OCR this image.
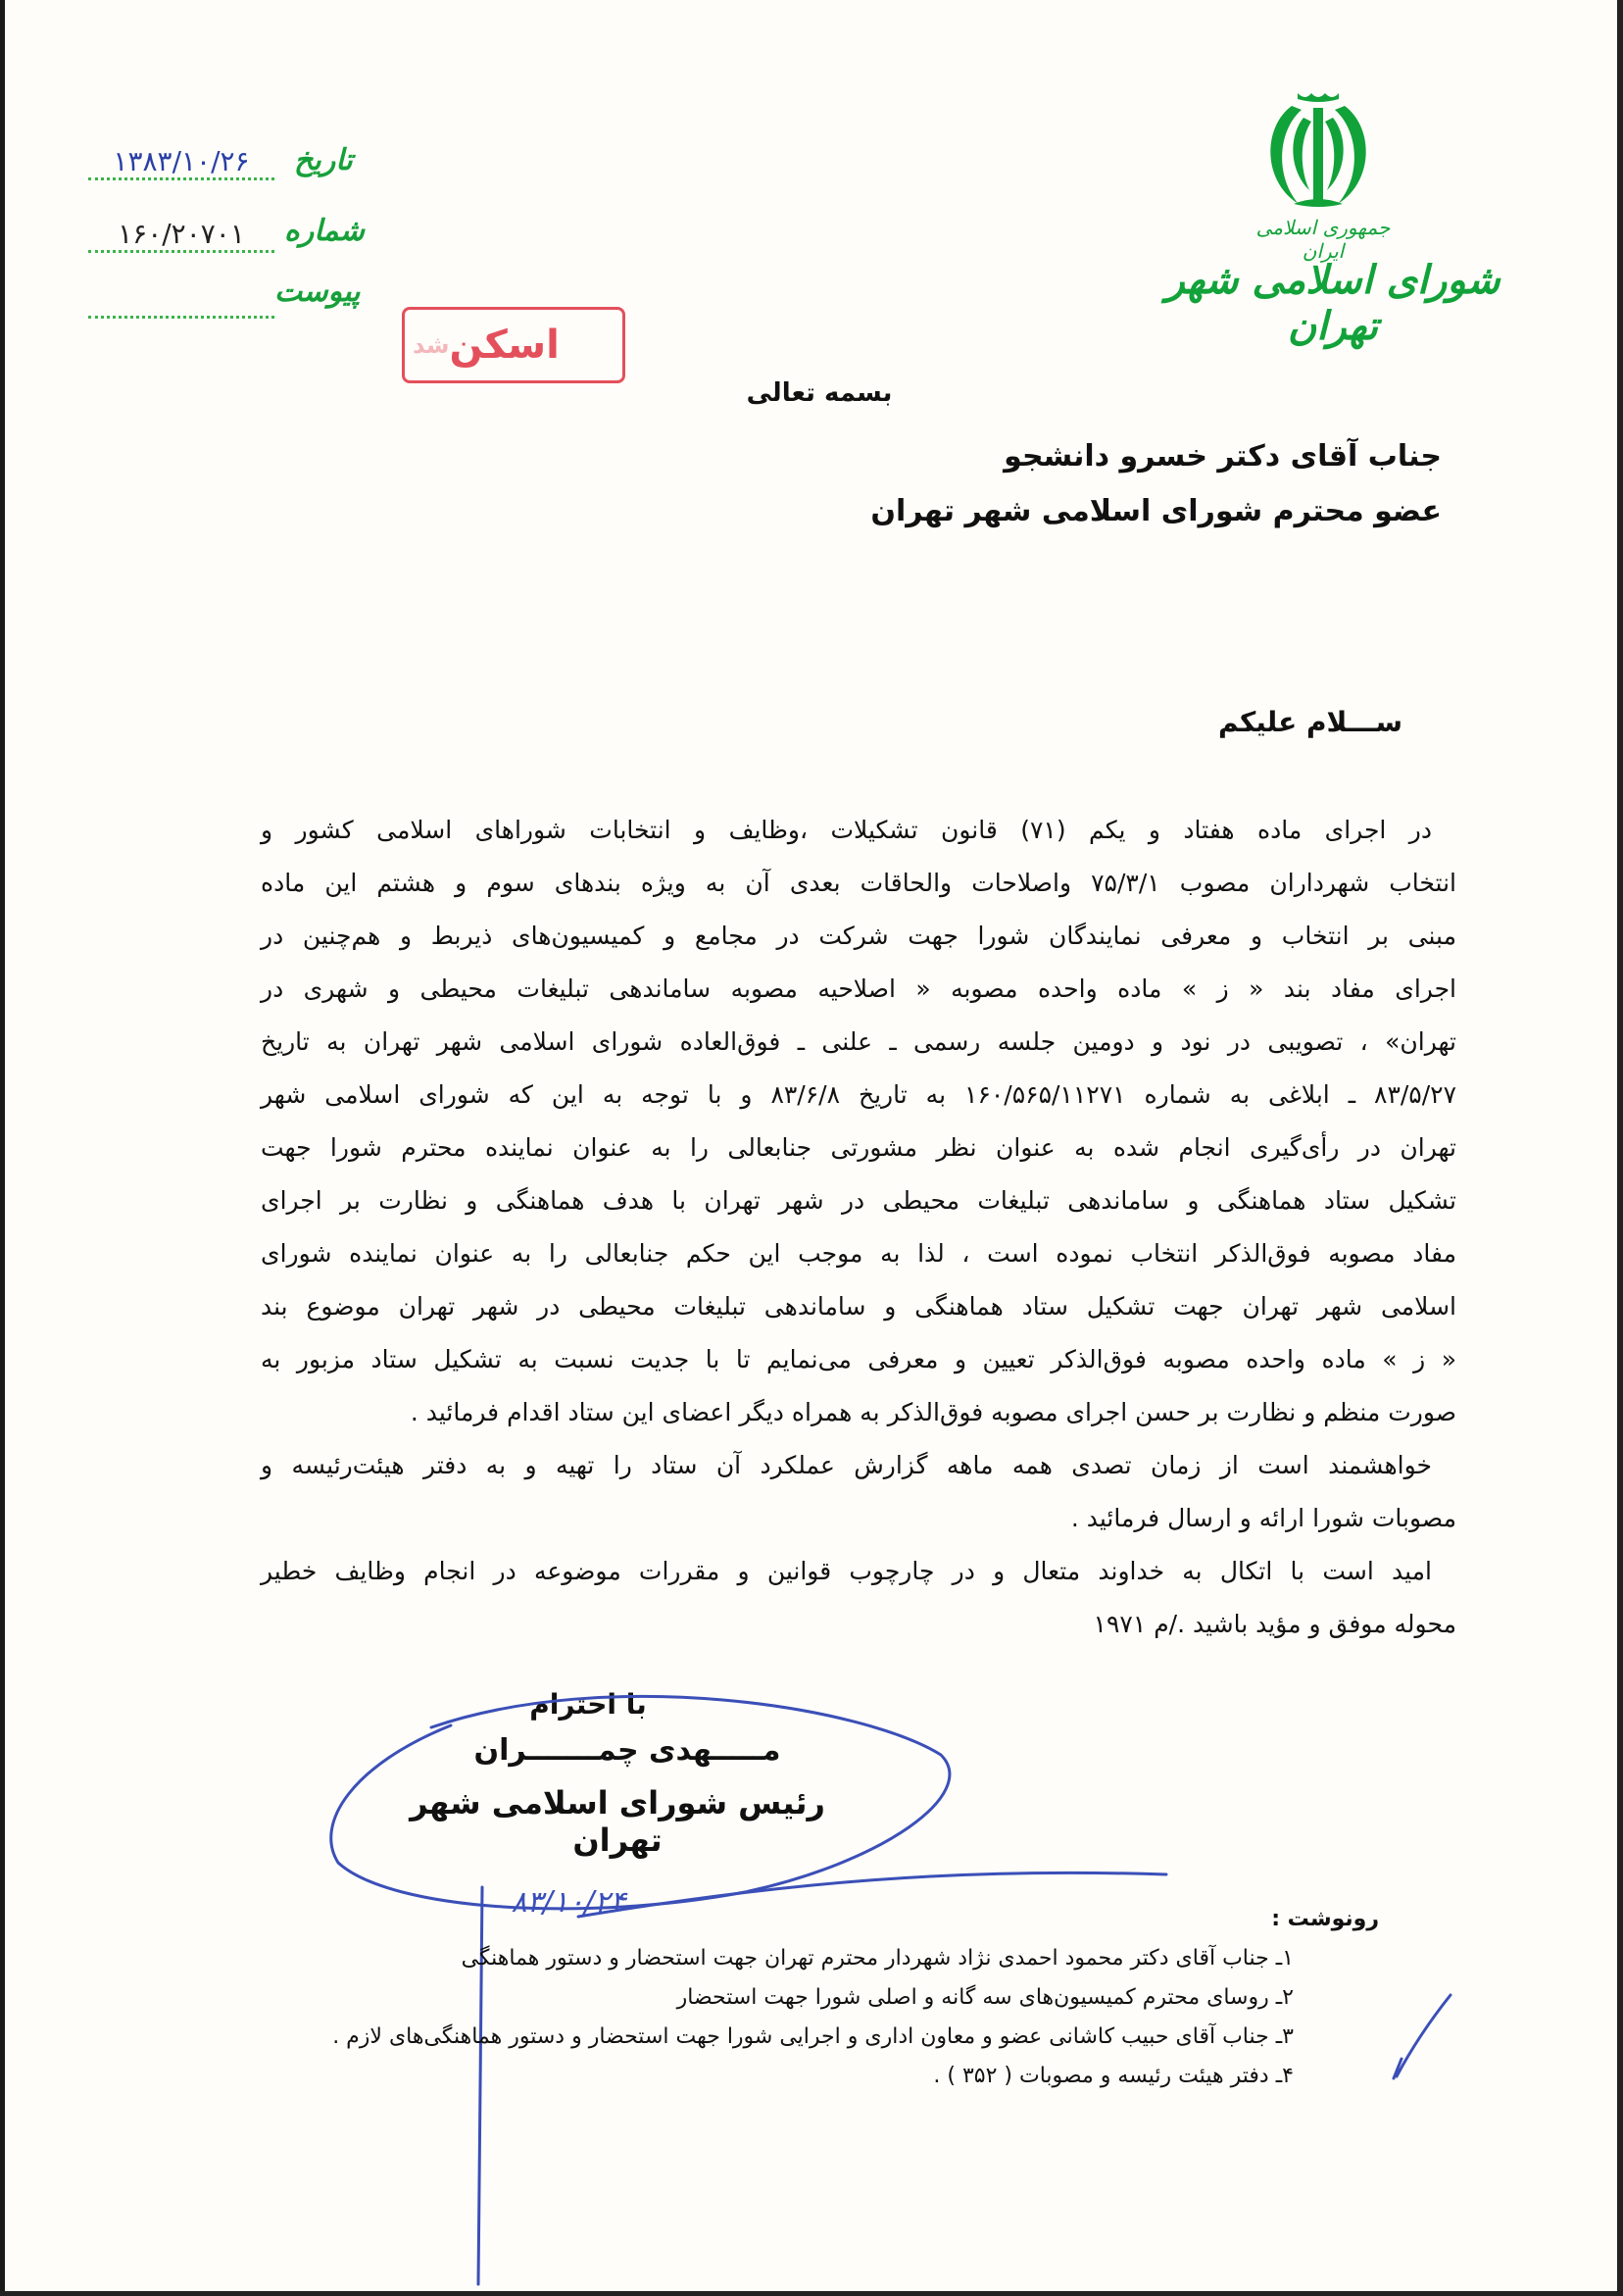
جمهوری اسلامی ایران
شورای اسلامی شهر تهران
۱۳۸۳/۱۰/۲۶	تاریخ
۱۶۰/۲۰۷۰۱	شماره
پیوست
اسکن
شد
بسمه تعالی
جناب آقای دکتر خسرو دانشجو
عضو محترم شورای اسلامی شهر تهران
ســـلام علیکم
در اجرای ماده هفتاد و یکم (۷۱) قانون تشکیلات ،وظایف و انتخابات شوراهای اسلامی کشور و
انتخاب شهرداران مصوب ۷۵/۳/۱ واصلاحات والحاقات بعدی آن به ویژه بندهای سوم و هشتم این ماده
مبنی بر انتخاب و معرفی نمایندگان شورا جهت شرکت در مجامع و کمیسیون‌های ذیربط و هم‌چنین در
اجرای مفاد بند « ز » ماده واحده مصوبه « اصلاحیه مصوبه ساماندهی تبلیغات محیطی و شهری در
تهران» ، تصویبی در نود و دومین جلسه رسمی ـ علنی ـ فوق‌العاده شورای اسلامی شهر تهران به تاریخ
۸۳/۵/۲۷ ـ ابلاغی به شماره ۱۶۰/۵۶۵/۱۱۲۷۱ به تاریخ ۸۳/۶/۸ و با توجه به این که شورای اسلامی شهر
تهران در رأی‌گیری انجام شده به عنوان نظر مشورتی جنابعالی را به عنوان نماینده محترم شورا جهت
تشکیل ستاد هماهنگی و ساماندهی تبلیغات محیطی در شهر تهران با هدف هماهنگی و نظارت بر اجرای
مفاد مصوبه فوق‌الذکر انتخاب نموده است ، لذا به موجب این حکم جنابعالی را به عنوان نماینده شورای
اسلامی شهر تهران جهت تشکیل ستاد هماهنگی و ساماندهی تبلیغات محیطی در شهر تهران موضوع بند
« ز » ماده واحده مصوبه فوق‌الذکر تعیین و معرفی می‌نمایم تا با جدیت نسبت به تشکیل ستاد مزبور به
صورت منظم و نظارت بر حسن اجرای مصوبه فوق‌الذکر به همراه دیگر اعضای این ستاد اقدام فرمائید .
خواهشمند است از زمان تصدی همه ماهه گزارش عملکرد آن ستاد را تهیه و به دفتر هیئت‌رئیسه و
مصوبات شورا ارائه و ارسال فرمائید .
امید است با اتکال به خداوند متعال و در چارچوب قوانین و مقررات موضوعه در انجام وظایف خطیر
محوله موفق و مؤید باشید ./م ۱۹۷۱
با احترام
مـــــهدی چمـــــــران
رئیس شورای اسلامی شهر تهران
۸۳/۱۰/۲۴	رونوشت :
۱ـ جناب آقای دکتر محمود احمدی نژاد شهردار محترم تهران جهت استحضار و دستور هماهنگی
۲ـ روسای محترم کمیسیون‌های سه گانه و اصلی شورا جهت استحضار
۳ـ جناب آقای حبیب کاشانی عضو و معاون اداری و اجرایی شورا جهت استحضار و دستور هماهنگی‌های لازم .
۴ـ دفتر هیئت رئیسه و مصوبات ( ۳۵۲ ) .
